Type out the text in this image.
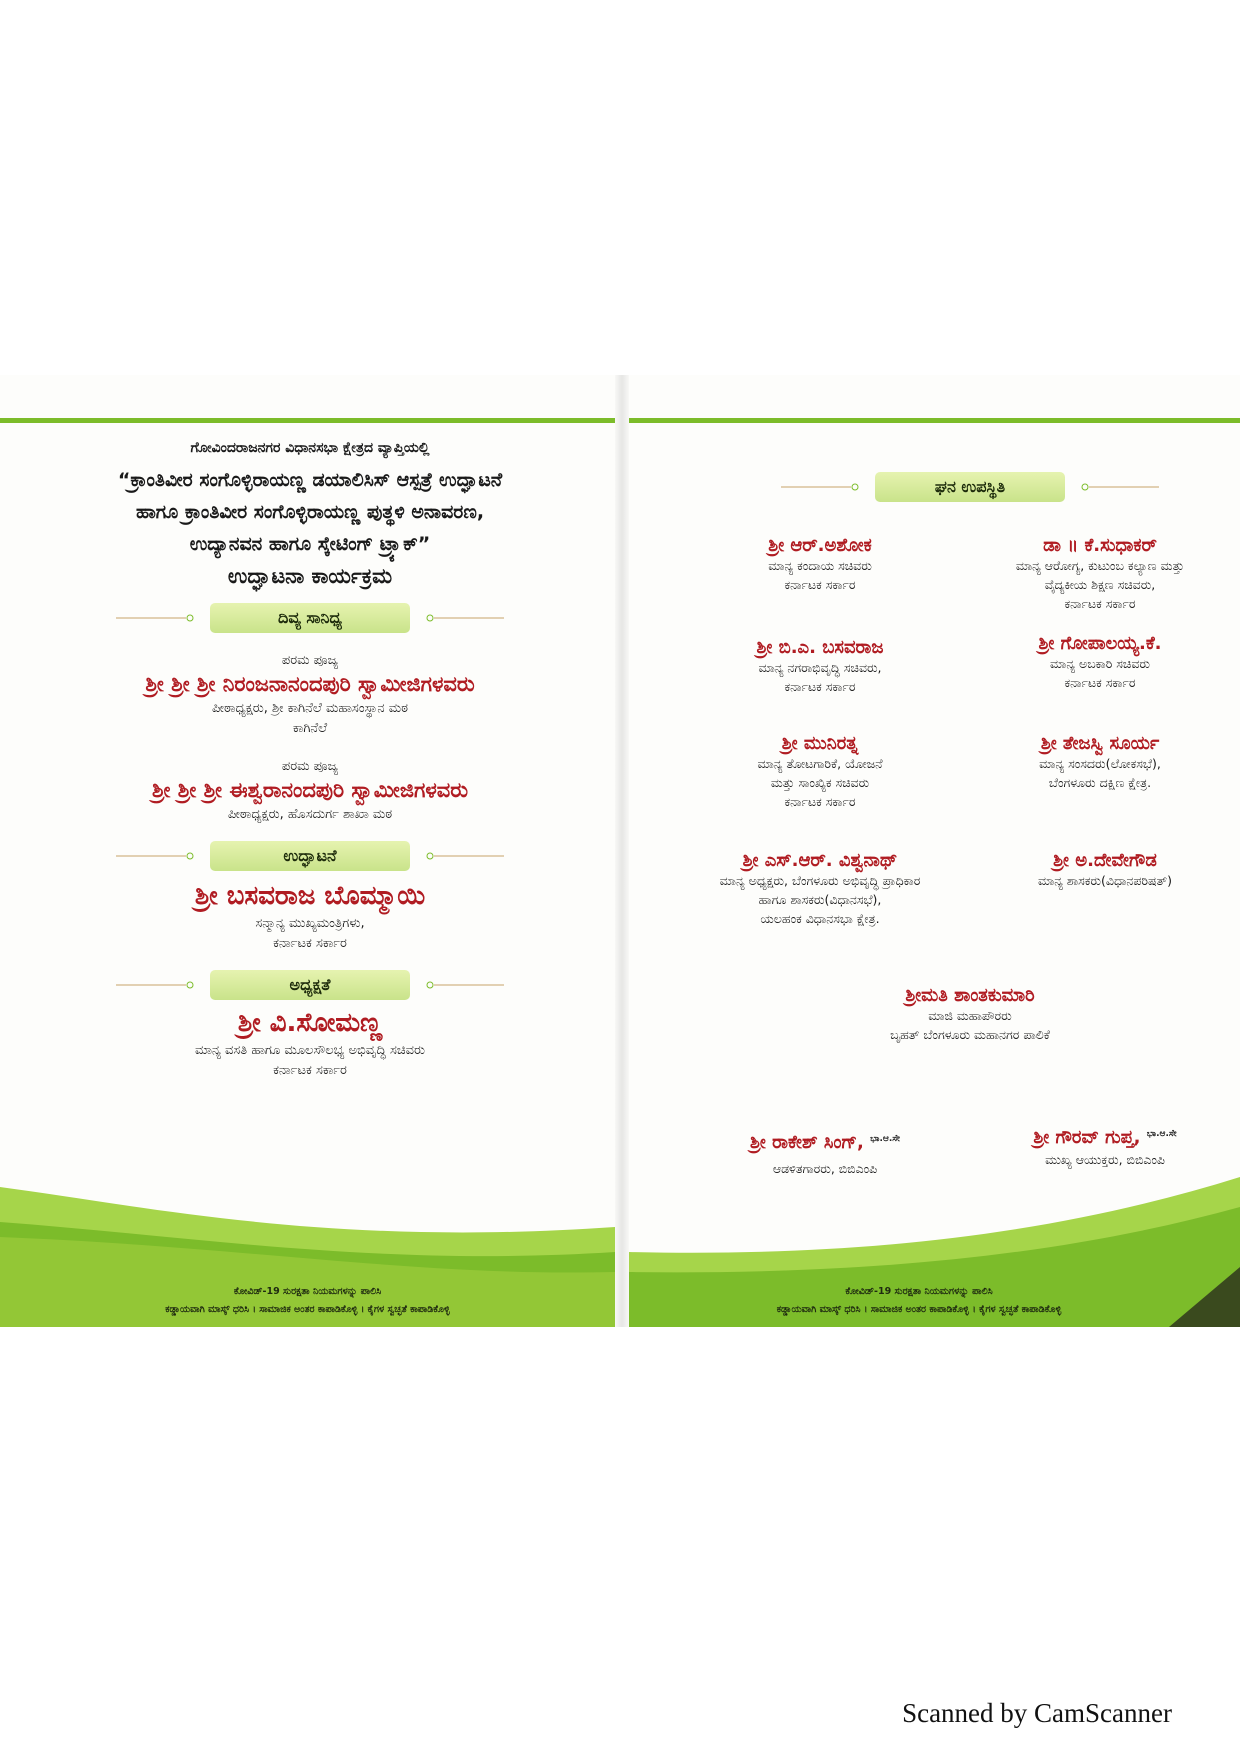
ಕೋವಿಡ್-19 ಸುರಕ್ಷತಾ ನಿಯಮಗಳನ್ನು ಪಾಲಿಸಿ
ಕಡ್ಡಾಯವಾಗಿ ಮಾಸ್ಕ್ ಧರಿಸಿ । ಸಾಮಾಜಿಕ ಅಂತರ ಕಾಪಾಡಿಕೊಳ್ಳಿ । ಕೈಗಳ ಸ್ವಚ್ಛತೆ ಕಾಪಾಡಿಕೊಳ್ಳಿ
ಕೋವಿಡ್-19 ಸುರಕ್ಷತಾ ನಿಯಮಗಳನ್ನು ಪಾಲಿಸಿ
ಕಡ್ಡಾಯವಾಗಿ ಮಾಸ್ಕ್ ಧರಿಸಿ । ಸಾಮಾಜಿಕ ಅಂತರ ಕಾಪಾಡಿಕೊಳ್ಳಿ । ಕೈಗಳ ಸ್ವಚ್ಛತೆ ಕಾಪಾಡಿಕೊಳ್ಳಿ
ಗೋವಿಂದರಾಜನಗರ ವಿಧಾನಸಭಾ ಕ್ಷೇತ್ರದ ವ್ಯಾಪ್ತಿಯಲ್ಲಿ
“ಕ್ರಾಂತಿವೀರ ಸಂಗೊಳ್ಳಿರಾಯಣ್ಣ ಡಯಾಲಿಸಿಸ್ ಆಸ್ಪತ್ರೆ ಉದ್ಘಾಟನೆ
ಹಾಗೂ ಕ್ರಾಂತಿವೀರ ಸಂಗೊಳ್ಳಿರಾಯಣ್ಣ ಪುತ್ಥಳಿ ಅನಾವರಣ,
ಉದ್ಯಾನವನ ಹಾಗೂ ಸ್ಕೇಟಿಂಗ್ ಟ್ರ್ಯಾಕ್”
ಉದ್ಘಾಟನಾ ಕಾರ್ಯಕ್ರಮ
ದಿವ್ಯ ಸಾನಿಧ್ಯ
ಪರಮ ಪೂಜ್ಯ
ಶ್ರೀ ಶ್ರೀ ಶ್ರೀ ನಿರಂಜನಾನಂದಪುರಿ ಸ್ವಾಮೀಜಿಗಳವರು
ಪೀಠಾಧ್ಯಕ್ಷರು, ಶ್ರೀ ಕಾಗಿನೆಲೆ ಮಹಾಸಂಸ್ಥಾನ ಮಠ
ಕಾಗಿನೆಲೆ
ಪರಮ ಪೂಜ್ಯ
ಶ್ರೀ ಶ್ರೀ ಶ್ರೀ ಈಶ್ವರಾನಂದಪುರಿ ಸ್ವಾಮೀಜಿಗಳವರು
ಪೀಠಾಧ್ಯಕ್ಷರು, ಹೊಸದುರ್ಗ ಶಾಖಾ ಮಠ
ಉದ್ಘಾಟನೆ
ಶ್ರೀ ಬಸವರಾಜ ಬೊಮ್ಮಾಯಿ
ಸನ್ಮಾನ್ಯ ಮುಖ್ಯಮಂತ್ರಿಗಳು,
ಕರ್ನಾಟಕ ಸರ್ಕಾರ
ಅಧ್ಯಕ್ಷತೆ
ಶ್ರೀ ವಿ.ಸೋಮಣ್ಣ
ಮಾನ್ಯ ವಸತಿ ಹಾಗೂ ಮೂಲಸೌಲಭ್ಯ ಅಭಿವೃದ್ಧಿ ಸಚಿವರು
ಕರ್ನಾಟಕ ಸರ್ಕಾರ
ಘನ ಉಪಸ್ಥಿತಿ
ಶ್ರೀ ಆರ್.ಅಶೋಕ
ಮಾನ್ಯ ಕಂದಾಯ ಸಚಿವರು
ಕರ್ನಾಟಕ ಸರ್ಕಾರ
ಡಾ ॥ ಕೆ.ಸುಧಾಕರ್
ಮಾನ್ಯ ಆರೋಗ್ಯ, ಕುಟುಂಬ ಕಲ್ಯಾಣ ಮತ್ತು
ವೈದ್ಯಕೀಯ ಶಿಕ್ಷಣ ಸಚಿವರು,
ಕರ್ನಾಟಕ ಸರ್ಕಾರ
ಶ್ರೀ ಬಿ.ಎ. ಬಸವರಾಜ
ಮಾನ್ಯ ನಗರಾಭಿವೃದ್ಧಿ ಸಚಿವರು,
ಕರ್ನಾಟಕ ಸರ್ಕಾರ
ಶ್ರೀ ಗೋಪಾಲಯ್ಯ.ಕೆ.
ಮಾನ್ಯ ಅಬಕಾರಿ ಸಚಿವರು
ಕರ್ನಾಟಕ ಸರ್ಕಾರ
ಶ್ರೀ ಮುನಿರತ್ನ
ಮಾನ್ಯ ತೋಟಗಾರಿಕೆ, ಯೋಜನೆ
ಮತ್ತು ಸಾಂಖ್ಯಿಕ ಸಚಿವರು
ಕರ್ನಾಟಕ ಸರ್ಕಾರ
ಶ್ರೀ ತೇಜಸ್ವಿ ಸೂರ್ಯ
ಮಾನ್ಯ ಸಂಸದರು(ಲೋಕಸಭೆ),
ಬೆಂಗಳೂರು ದಕ್ಷಿಣ ಕ್ಷೇತ್ರ.
ಶ್ರೀ ಎಸ್.ಆರ್. ವಿಶ್ವನಾಥ್
ಮಾನ್ಯ ಅಧ್ಯಕ್ಷರು, ಬೆಂಗಳೂರು ಅಭಿವೃದ್ಧಿ ಪ್ರಾಧಿಕಾರ
ಹಾಗೂ ಶಾಸಕರು(ವಿಧಾನಸಭೆ),
ಯಲಹಂಕ ವಿಧಾನಸಭಾ ಕ್ಷೇತ್ರ.
ಶ್ರೀ ಅ.ದೇವೇಗೌಡ
ಮಾನ್ಯ ಶಾಸಕರು(ವಿಧಾನಪರಿಷತ್)
ಶ್ರೀಮತಿ ಶಾಂತಕುಮಾರಿ
ಮಾಜಿ ಮಹಾಪೌರರು
ಬೃಹತ್ ಬೆಂಗಳೂರು ಮಹಾನಗರ ಪಾಲಿಕೆ
ಶ್ರೀ ರಾಕೇಶ್ ಸಿಂಗ್, $^{ಭಾ.ಆ.ಸೇ}$
ಆಡಳಿತಗಾರರು, ಬಿಬಿಎಂಪಿ
ಶ್ರೀ ಗೌರವ್ ಗುಪ್ತ, $^{ಭಾ.ಆ.ಸೇ}$
ಮುಖ್ಯ ಆಯುಕ್ತರು, ಬಿಬಿಎಂಪಿ
Scanned by CamScanner
